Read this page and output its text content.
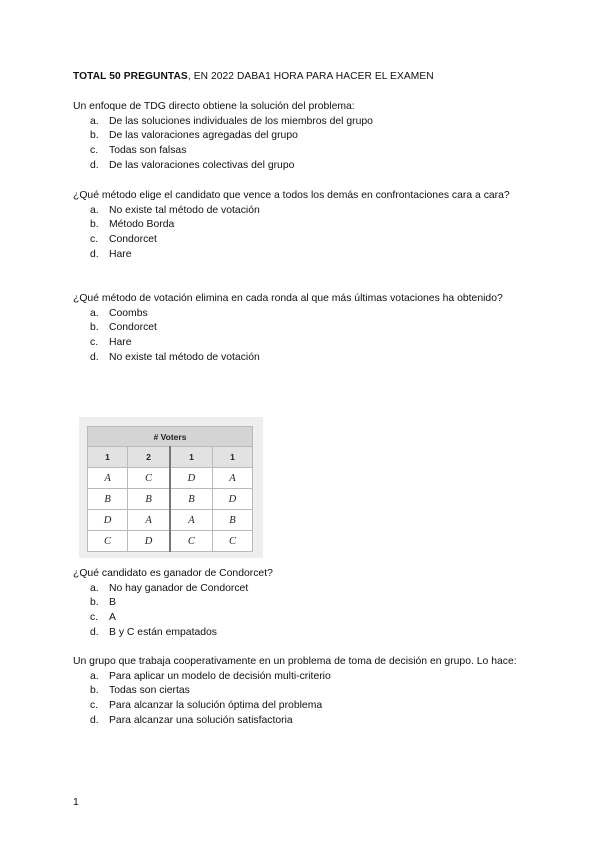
TOTAL 50 PREGUNTAS, EN 2022 DABA1 HORA PARA HACER EL EXAMEN
Un enfoque de TDG directo obtiene la solución del problema:
a. De las soluciones individuales de los miembros del grupo
b. De las valoraciones agregadas del grupo
c. Todas son falsas
d. De las valoraciones colectivas del grupo
¿Qué método elige el candidato que vence a todos los demás en confrontaciones cara a cara?
a. No existe tal método de votación
b. Método Borda
c. Condorcet
d. Hare
¿Qué método de votación elimina en cada ronda al que más últimas votaciones ha obtenido?
a. Coombs
b. Condorcet
c. Hare
d. No existe tal método de votación
# Voters			
1	2	1	1
A	C	D	A
B	B	B	D
D	A	A	B
C	D	C	C
¿Qué candidato es ganador de Condorcet?
a. No hay ganador de Condorcet
b. B
c. A
d. B y C están empatados
Un grupo que trabaja cooperativamente en un problema de toma de decisión en grupo. Lo hace:
a. Para aplicar un modelo de decisión multi-criterio
b. Todas son ciertas
c. Para alcanzar la solución óptima del problema
d. Para alcanzar una solución satisfactoria
1
